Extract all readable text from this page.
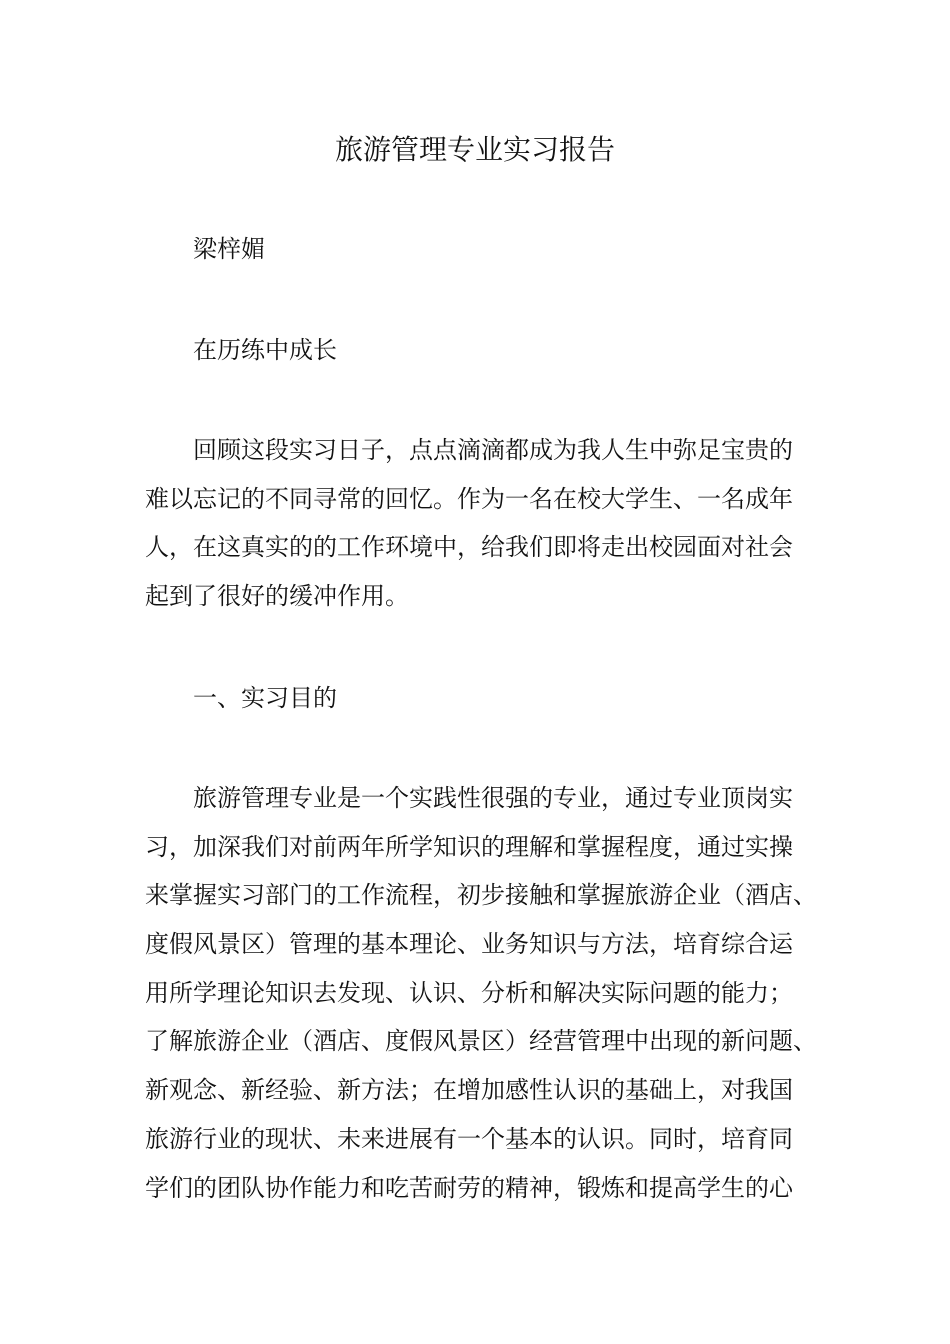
旅游管理专业实习报告
梁梓媚
在历练中成长
回顾这段实习日子，点点滴滴都成为我人生中弥足宝贵的
难以忘记的不同寻常的回忆。作为一名在校大学生、一名成年
人，在这真实的的工作环境中，给我们即将走出校园面对社会
起到了很好的缓冲作用。
一、实习目的
旅游管理专业是一个实践性很强的专业，通过专业顶岗实
习，加深我们对前两年所学知识的理解和掌握程度，通过实操
来掌握实习部门的工作流程，初步接触和掌握旅游企业（酒店、
度假风景区）管理的基本理论、业务知识与方法，培育综合运
用所学理论知识去发现、认识、分析和解决实际问题的能力；
了解旅游企业（酒店、度假风景区）经营管理中出现的新问题、
新观念、新经验、新方法；在增加感性认识的基础上，对我国
旅游行业的现状、未来进展有一个基本的认识。同时，培育同
学们的团队协作能力和吃苦耐劳的精神，锻炼和提高学生的心
